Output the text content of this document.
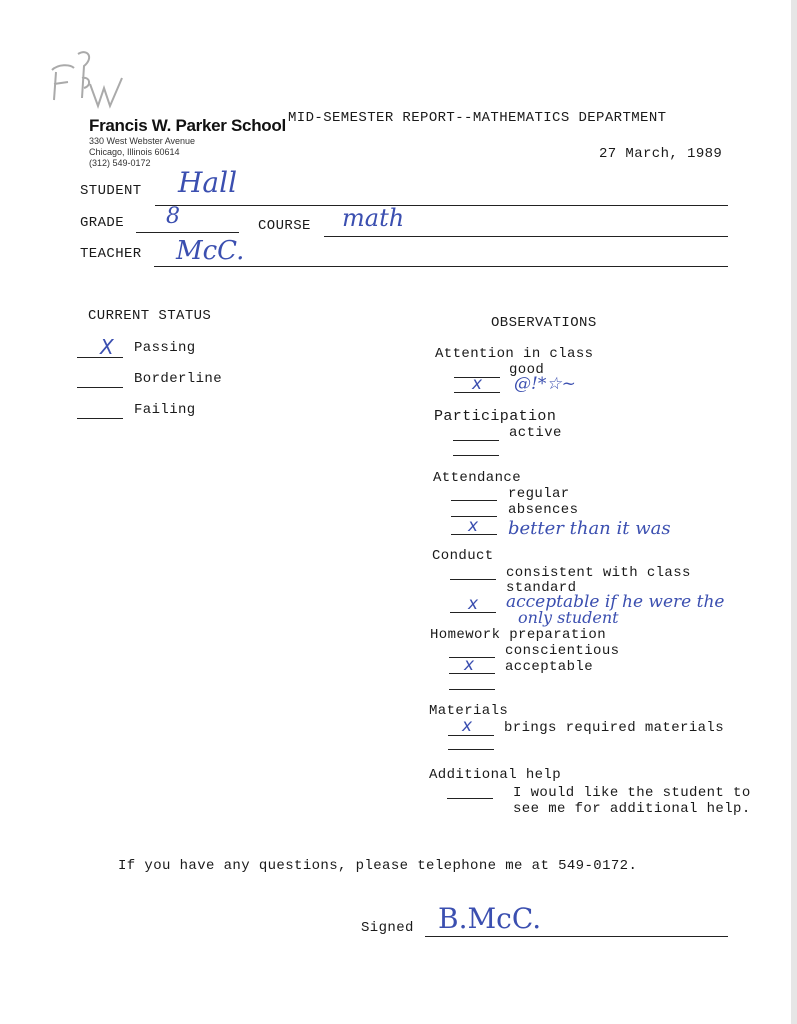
Francis W. Parker School
330 West Webster Avenue
Chicago, Illinois 60614
(312) 549-0172
MID-SEMESTER REPORT--MATHEMATICS DEPARTMENT
27 March, 1989
STUDENT Hall
GRADE 8	COURSE math
TEACHER McC.
CURRENT STATUS
X Passing
Borderline
Failing
OBSERVATIONS
Attention in class
good
x @!*☆~
Participation
active
Attendance
regular
absences
x better than it was
Conduct
consistent with class
standard
x acceptable if he were the
only student
Homework preparation
conscientious
x acceptable
Materials
x brings required materials
Additional help
I would like the student to
see me for additional help.
If you have any questions, please telephone me at 549-0172.
Signed B.McC.
